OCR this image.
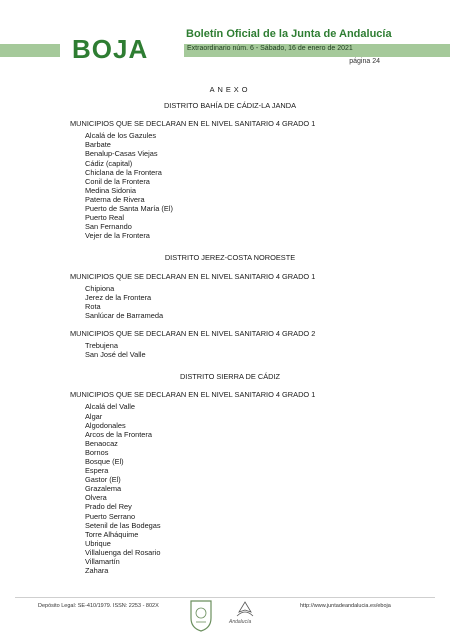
BOJA	Boletín Oficial de la Junta de Andalucía
Extraordinario núm. 6 - Sábado, 16 de enero de 2021
página 24
ANEXO
DISTRITO BAHÍA DE CÁDIZ-LA JANDA
MUNICIPIOS QUE SE DECLARAN EN EL NIVEL SANITARIO 4 GRADO 1
Alcalá de los Gazules
Barbate
Benalup-Casas Viejas
Cádiz (capital)
Chiclana de la Frontera
Conil de la Frontera
Medina Sidonia
Paterna de Rivera
Puerto de Santa María (El)
Puerto Real
San Fernando
Vejer de la Frontera
DISTRITO JEREZ-COSTA NOROESTE
MUNICIPIOS QUE SE DECLARAN EN EL NIVEL SANITARIO 4 GRADO 1
Chipiona
Jerez de la Frontera
Rota
Sanlúcar de Barrameda
MUNICIPIOS QUE SE DECLARAN EN EL NIVEL SANITARIO 4 GRADO 2
Trebujena
San José del Valle
DISTRITO SIERRA DE CÁDIZ
MUNICIPIOS QUE SE DECLARAN EN EL NIVEL SANITARIO 4 GRADO 1
Alcalá del Valle
Algar
Algodonales
Arcos de la Frontera
Benaocaz
Bornos
Bosque (El)
Espera
Gastor (El)
Grazalema
Olvera
Prado del Rey
Puerto Serrano
Setenil de las Bodegas
Torre Alháquime
Ubrique
Villaluenga del Rosario
Villamartín
Zahara
Depósito Legal: SE-410/1979. ISSN: 2253 - 802X
Andalucía
http://www.juntadeandalucia.es/eboja
